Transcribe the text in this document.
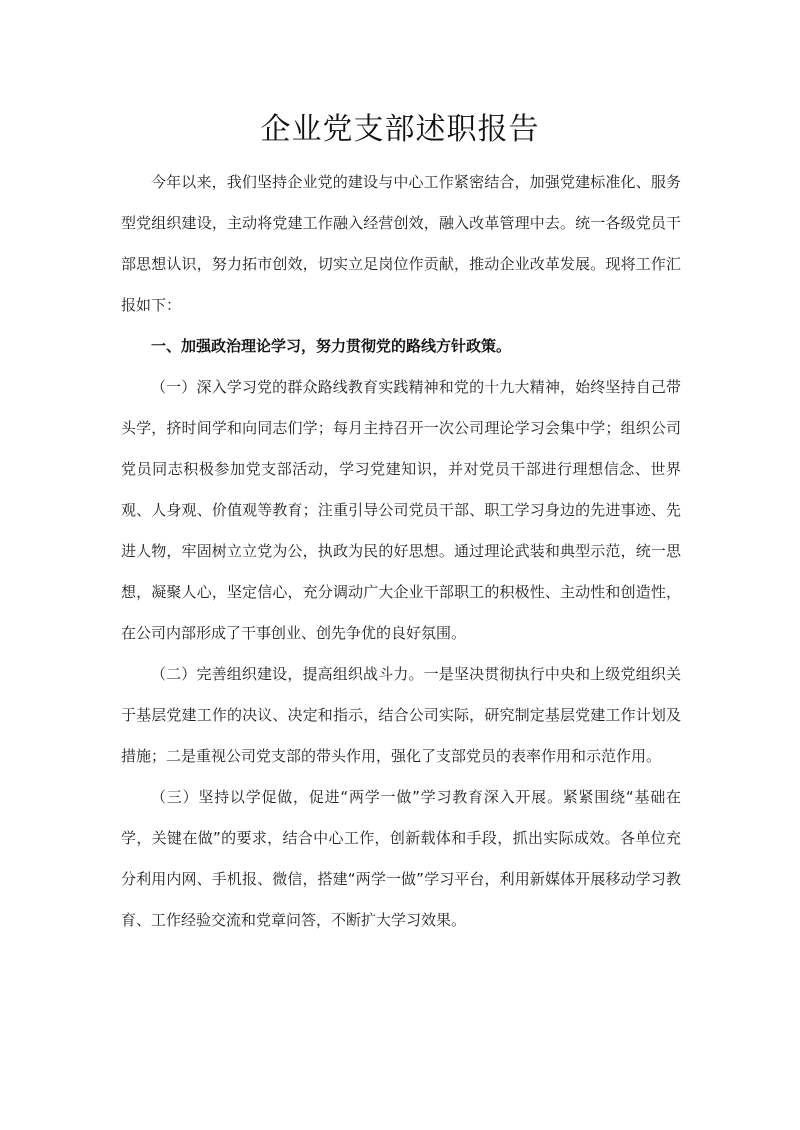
企业党支部述职报告

今年以来，我们坚持企业党的建设与中心工作紧密结合，加强党建标准化、服务型党组织建设，主动将党建工作融入经营创效，融入改革管理中去。统一各级党员干部思想认识，努力拓市创效，切实立足岗位作贡献，推动企业改革发展。现将工作汇报如下：

一、加强政治理论学习，努力贯彻党的路线方针政策。

（一）深入学习党的群众路线教育实践精神和党的十九大精神，始终坚持自己带头学，挤时间学和向同志们学；每月主持召开一次公司理论学习会集中学；组织公司党员同志积极参加党支部活动，学习党建知识，并对党员干部进行理想信念、世界观、人身观、价值观等教育；注重引导公司党员干部、职工学习身边的先进事迹、先进人物，牢固树立立党为公，执政为民的好思想。通过理论武装和典型示范，统一思想，凝聚人心，坚定信心，充分调动广大企业干部职工的积极性、主动性和创造性，在公司内部形成了干事创业、创先争优的良好氛围。

（二）完善组织建设，提高组织战斗力。一是坚决贯彻执行中央和上级党组织关于基层党建工作的决议、决定和指示，结合公司实际，研究制定基层党建工作计划及措施；二是重视公司党支部的带头作用，强化了支部党员的表率作用和示范作用。

（三）坚持以学促做，促进“两学一做”学习教育深入开展。紧紧围绕“基础在学，关键在做”的要求，结合中心工作，创新载体和手段，抓出实际成效。各单位充分利用内网、手机报、微信，搭建“两学一做”学习平台，利用新媒体开展移动学习教育、工作经验交流和党章问答，不断扩大学习效果。
